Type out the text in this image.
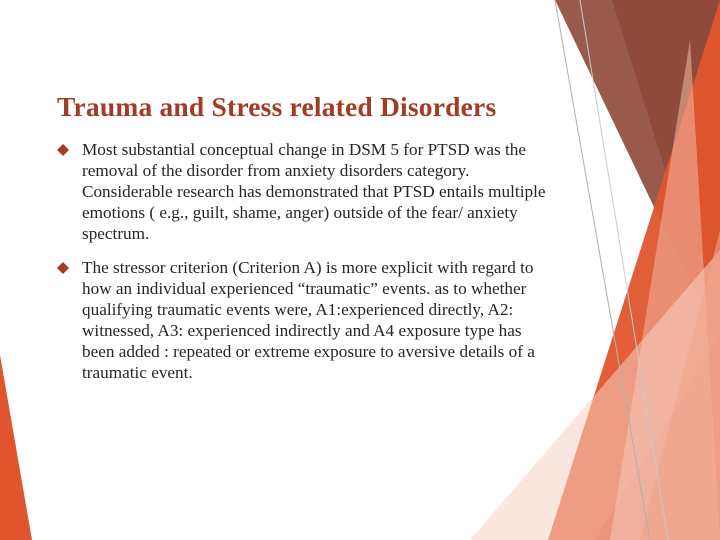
Trauma and Stress related Disorders
Most substantial conceptual change in DSM 5 for PTSD was the removal of the disorder from anxiety disorders category. Considerable research has demonstrated that PTSD entails multiple emotions ( e.g., guilt, shame, anger) outside of the fear/ anxiety spectrum.
The stressor criterion (Criterion A) is more explicit with regard to how an individual experienced “traumatic” events. as to whether qualifying traumatic events were, A1:experienced directly, A2: witnessed, A3: experienced indirectly and A4 exposure type has been added : repeated or extreme exposure to aversive details of a traumatic event.
